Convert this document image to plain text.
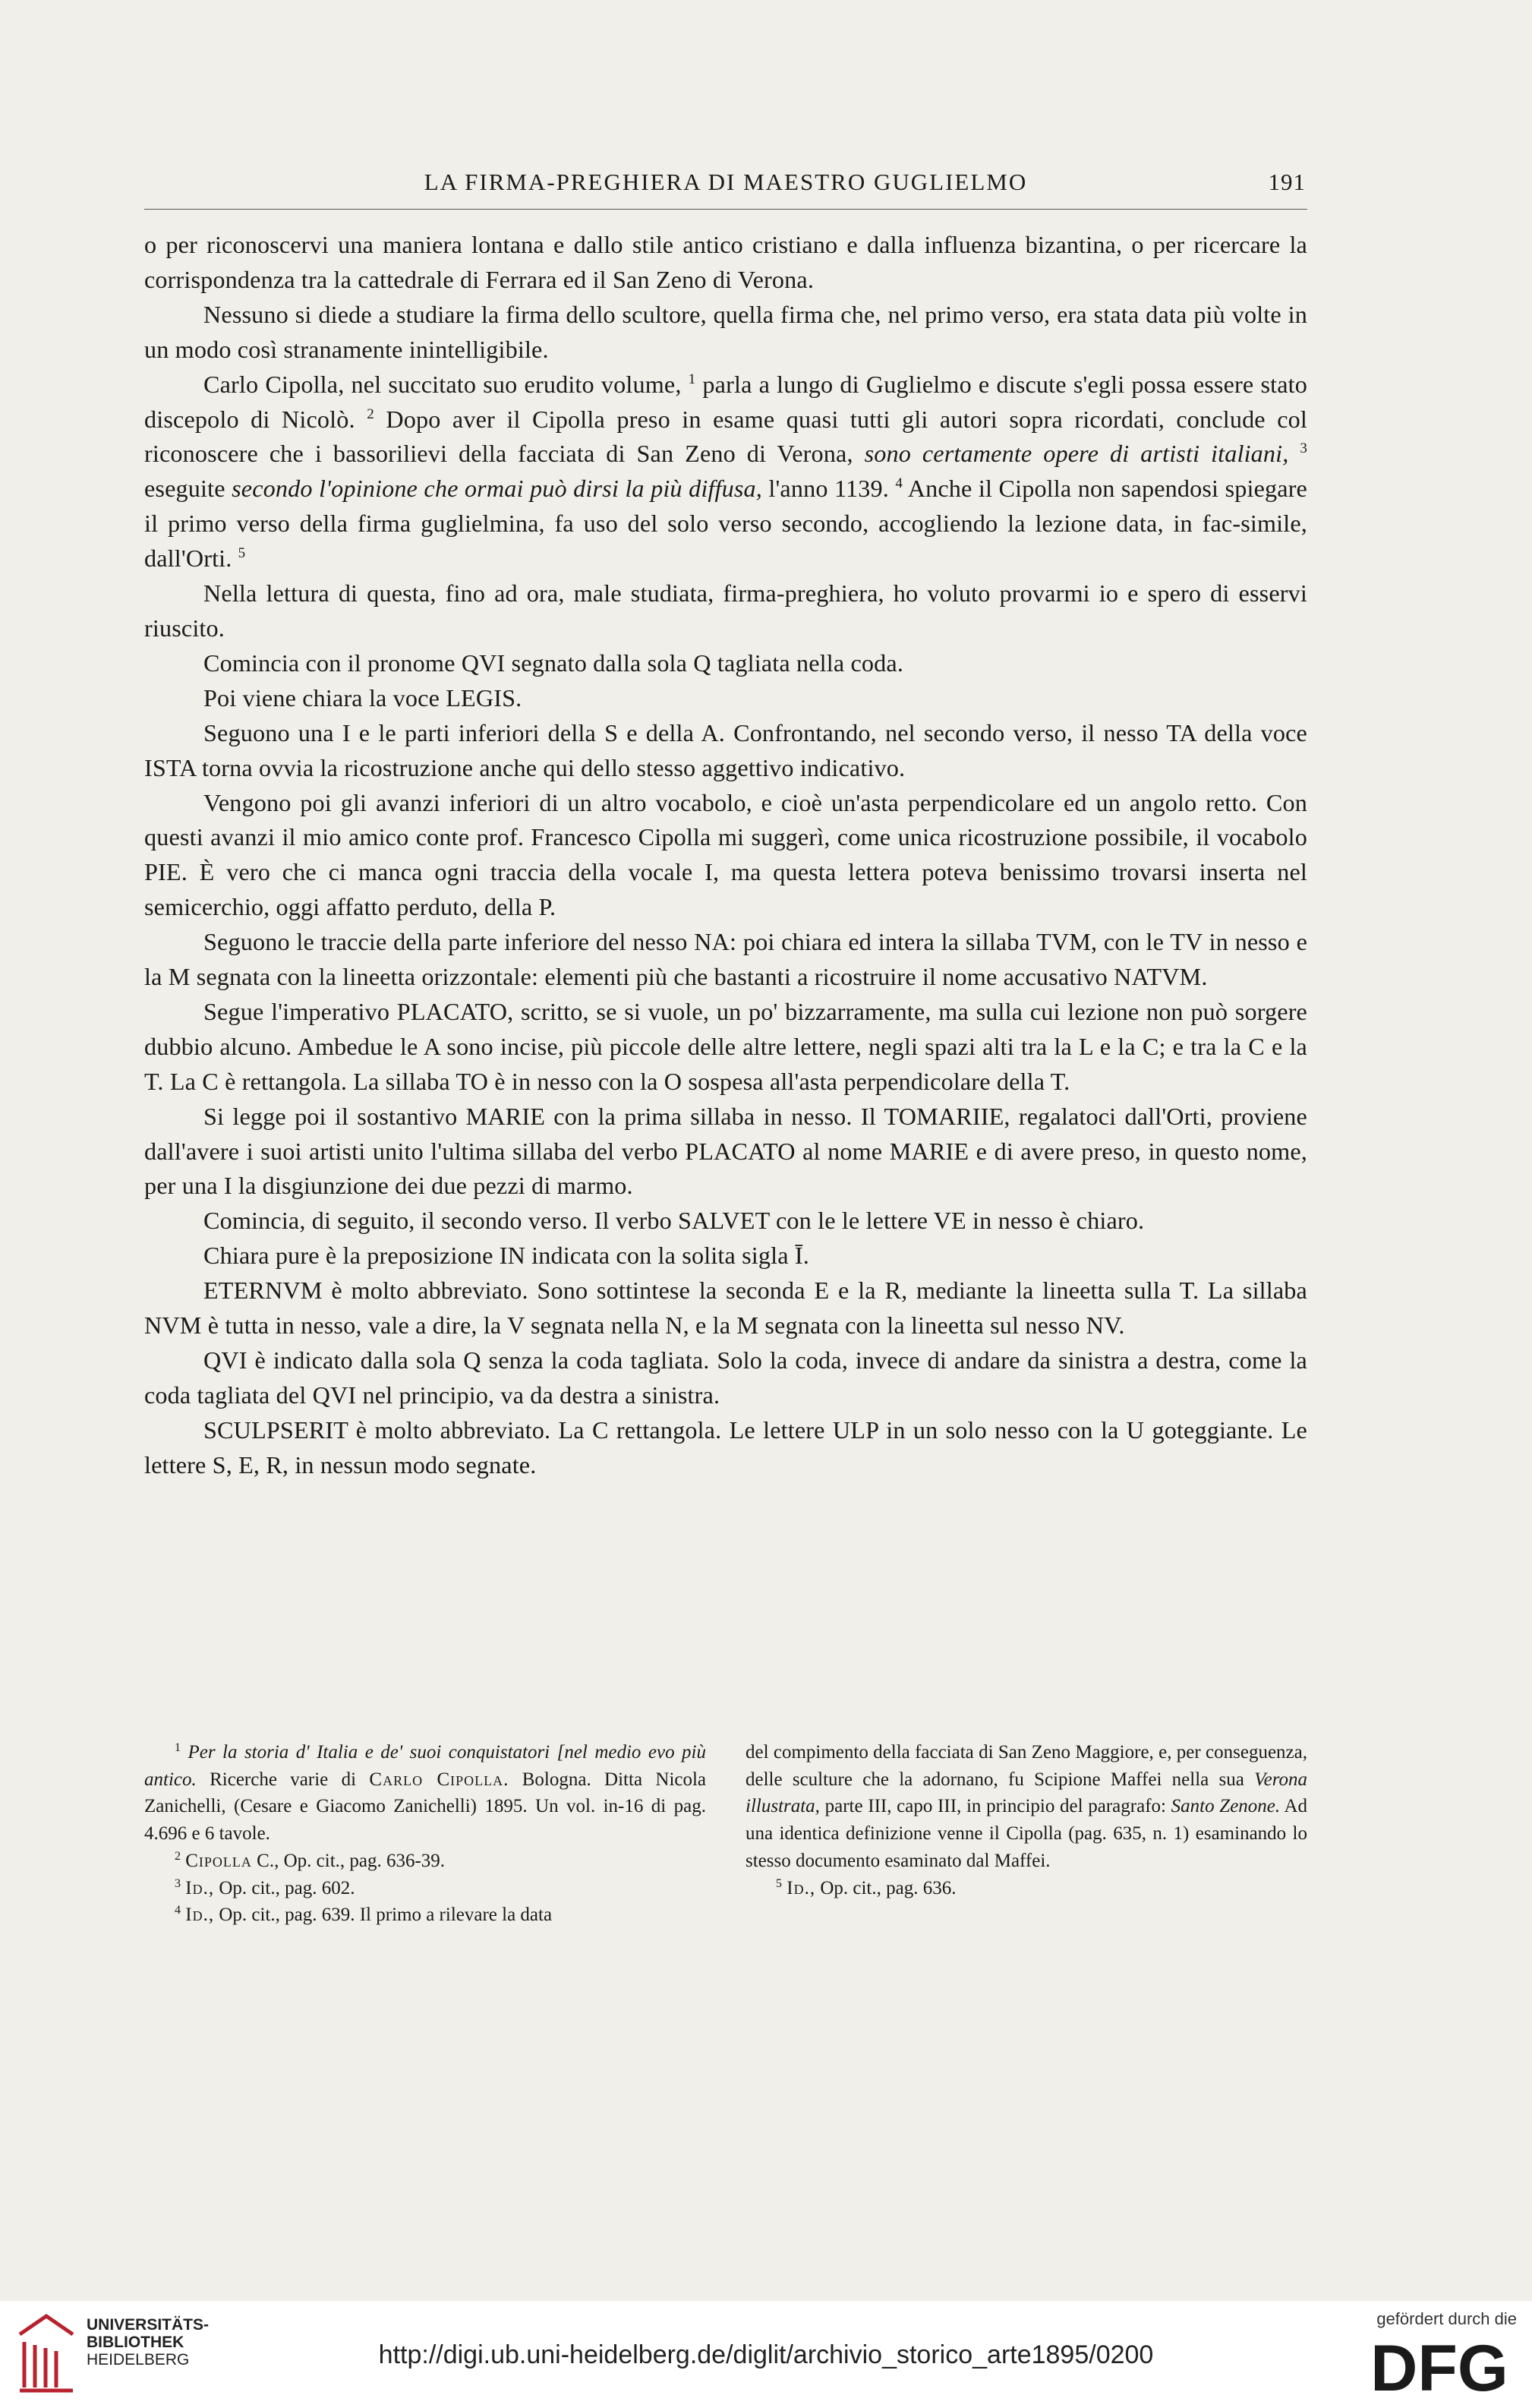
LA FIRMA-PREGHIERA DI MAESTRO GUGLIELMO	191

o per riconoscervi una maniera lontana e dallo stile antico cristiano e dalla influenza bizantina, o per ricercare la corrispondenza tra la cattedrale di Ferrara ed il San Zeno di Verona.

Nessuno si diede a studiare la firma dello scultore, quella firma che, nel primo verso, era stata data più volte in un modo così stranamente inintelligibile.

Carlo Cipolla, nel succitato suo erudito volume, $^1$ parla a lungo di Guglielmo e discute s'egli possa essere stato discepolo di Nicolò. $^2$ Dopo aver il Cipolla preso in esame quasi tutti gli autori sopra ricordati, conclude col riconoscere che i bassorilievi della facciata di San Zeno di Verona, sono certamente opere di artisti italiani, $^3$ eseguite secondo l'opinione che ormai può dirsi la più diffusa, l'anno 1139. $^4$ Anche il Cipolla non sapendosi spiegare il primo verso della firma guglielmina, fa uso del solo verso secondo, accogliendo la lezione data, in fac-simile, dall'Orti. $^5$

Nella lettura di questa, fino ad ora, male studiata, firma-preghiera, ho voluto provarmi io e spero di esservi riuscito.

Comincia con il pronome QVI segnato dalla sola Q tagliata nella coda.

Poi viene chiara la voce LEGIS.

Seguono una I e le parti inferiori della S e della A. Confrontando, nel secondo verso, il nesso TA della voce ISTA torna ovvia la ricostruzione anche qui dello stesso aggettivo indicativo.

Vengono poi gli avanzi inferiori di un altro vocabolo, e cioè un'asta perpendicolare ed un angolo retto. Con questi avanzi il mio amico conte prof. Francesco Cipolla mi suggerì, come unica ricostruzione possibile, il vocabolo PIE. È vero che ci manca ogni traccia della vocale I, ma questa lettera poteva benissimo trovarsi inserta nel semicerchio, oggi affatto perduto, della P.

Seguono le traccie della parte inferiore del nesso NA: poi chiara ed intera la sillaba TVM, con le TV in nesso e la M segnata con la lineetta orizzontale: elementi più che bastanti a ricostruire il nome accusativo NATVM.

Segue l'imperativo PLACATO, scritto, se si vuole, un po' bizzarramente, ma sulla cui lezione non può sorgere dubbio alcuno. Ambedue le A sono incise, più piccole delle altre lettere, negli spazi alti tra la L e la C; e tra la C e la T. La C è rettangola. La sillaba TO è in nesso con la O sospesa all'asta perpendicolare della T.

Si legge poi il sostantivo MARIE con la prima sillaba in nesso. Il TOMARIIE, regalatoci dall'Orti, proviene dall'avere i suoi artisti unito l'ultima sillaba del verbo PLACATO al nome MARIE e di avere preso, in questo nome, per una I la disgiunzione dei due pezzi di marmo.

Comincia, di seguito, il secondo verso. Il verbo SALVET con le le lettere VE in nesso è chiaro.

Chiara pure è la preposizione IN indicata con la solita sigla Ī.

ETERNVM è molto abbreviato. Sono sottintese la seconda E e la R, mediante la lineetta sulla T. La sillaba NVM è tutta in nesso, vale a dire, la V segnata nella N, e la M segnata con la lineetta sul nesso NV.

QVI è indicato dalla sola Q senza la coda tagliata. Solo la coda, invece di andare da sinistra a destra, come la coda tagliata del QVI nel principio, va da destra a sinistra.

SCULPSERIT è molto abbreviato. La C rettangola. Le lettere ULP in un solo nesso con la U goteggiante. Le lettere S, E, R, in nessun modo segnate.

$^1$ Per la storia d' Italia e de' suoi conquistatori [nel medio evo più antico. Ricerche varie di Carlo Cipolla. Bologna. Ditta Nicola Zanichelli, (Cesare e Giacomo Zanichelli) 1895. Un vol. in-16 di pag. 4.696 e 6 tavole.

$^2$ Cipolla C., Op. cit., pag. 636-39.

$^3$ Id., Op. cit., pag. 602.

$^4$ Id., Op. cit., pag. 639. Il primo a rilevare la data

del compimento della facciata di San Zeno Maggiore, e, per conseguenza, delle sculture che la adornano, fu Scipione Maffei nella sua Verona illustrata, parte III, capo III, in principio del paragrafo: Santo Zenone. Ad una identica definizione venne il Cipolla (pag. 635, n. 1) esaminando lo stesso documento esaminato dal Maffei.

$^5$ Id., Op. cit., pag. 636.

UNIVERSITÄTS-
BIBLIOTHEK
HEIDELBERG	http://digi.ub.uni-heidelberg.de/diglit/archivio_storico_arte1895/0200
gefördert durch die
DFG
